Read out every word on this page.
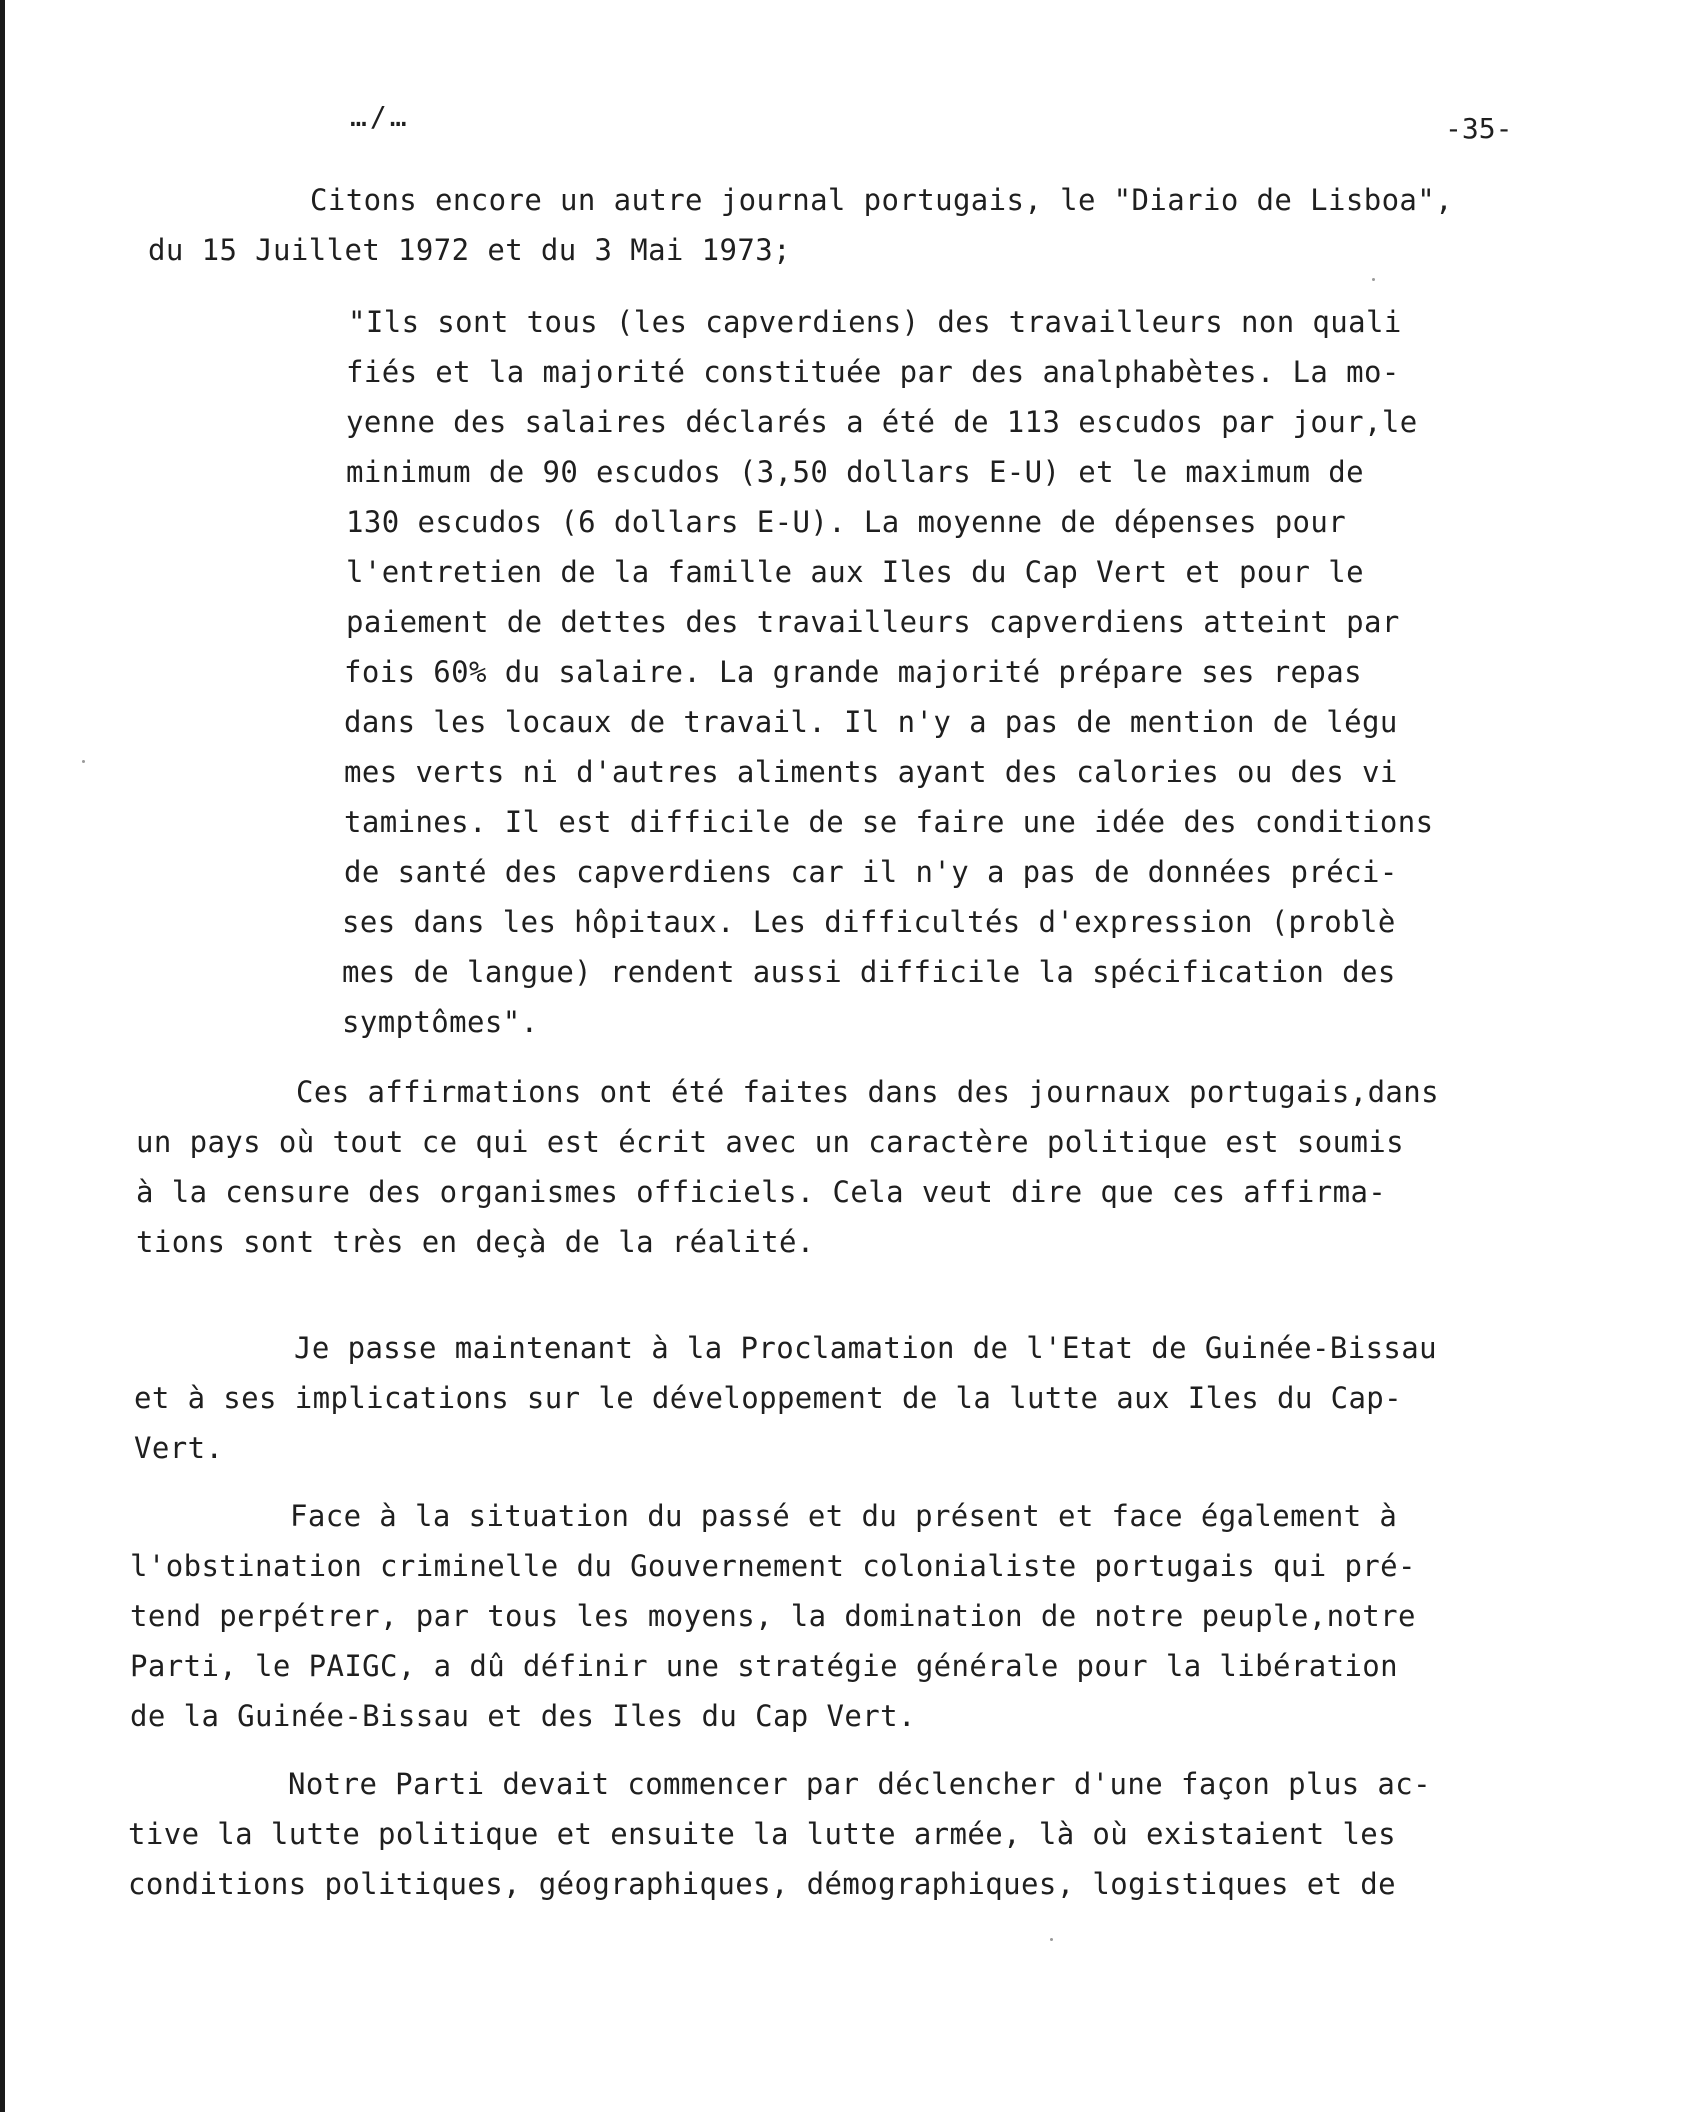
…/…	-35-
Citons encore un autre journal portugais, le "Diario de Lisboa",
du 15 Juillet 1972 et du 3 Mai 1973;
"Ils sont tous (les capverdiens) des travailleurs non quali
fiés et la majorité constituée par des analphabètes. La mo-
yenne des salaires déclarés a été de 113 escudos par jour,le
minimum de 90 escudos (3,50 dollars E-U) et le maximum de
130 escudos (6 dollars E-U). La moyenne de dépenses pour
l'entretien de la famille aux Iles du Cap Vert et pour le
paiement de dettes des travailleurs capverdiens atteint par
fois 60% du salaire. La grande majorité prépare ses repas
dans les locaux de travail. Il n'y a pas de mention de légu
mes verts ni d'autres aliments ayant des calories ou des vi
tamines. Il est difficile de se faire une idée des conditions
de santé des capverdiens car il n'y a pas de données préci-
ses dans les hôpitaux. Les difficultés d'expression (problè
mes de langue) rendent aussi difficile la spécification des
symptômes".
Ces affirmations ont été faites dans des journaux portugais,dans
un pays où tout ce qui est écrit avec un caractère politique est soumis
à la censure des organismes officiels. Cela veut dire que ces affirma-
tions sont très en deçà de la réalité.
Je passe maintenant à la Proclamation de l'Etat de Guinée-Bissau
et à ses implications sur le développement de la lutte aux Iles du Cap-
Vert.
Face à la situation du passé et du présent et face également à
l'obstination criminelle du Gouvernement colonialiste portugais qui pré-
tend perpétrer, par tous les moyens, la domination de notre peuple,notre
Parti, le PAIGC, a dû définir une stratégie générale pour la libération
de la Guinée-Bissau et des Iles du Cap Vert.
Notre Parti devait commencer par déclencher d'une façon plus ac-
tive la lutte politique et ensuite la lutte armée, là où existaient les
conditions politiques, géographiques, démographiques, logistiques et de
